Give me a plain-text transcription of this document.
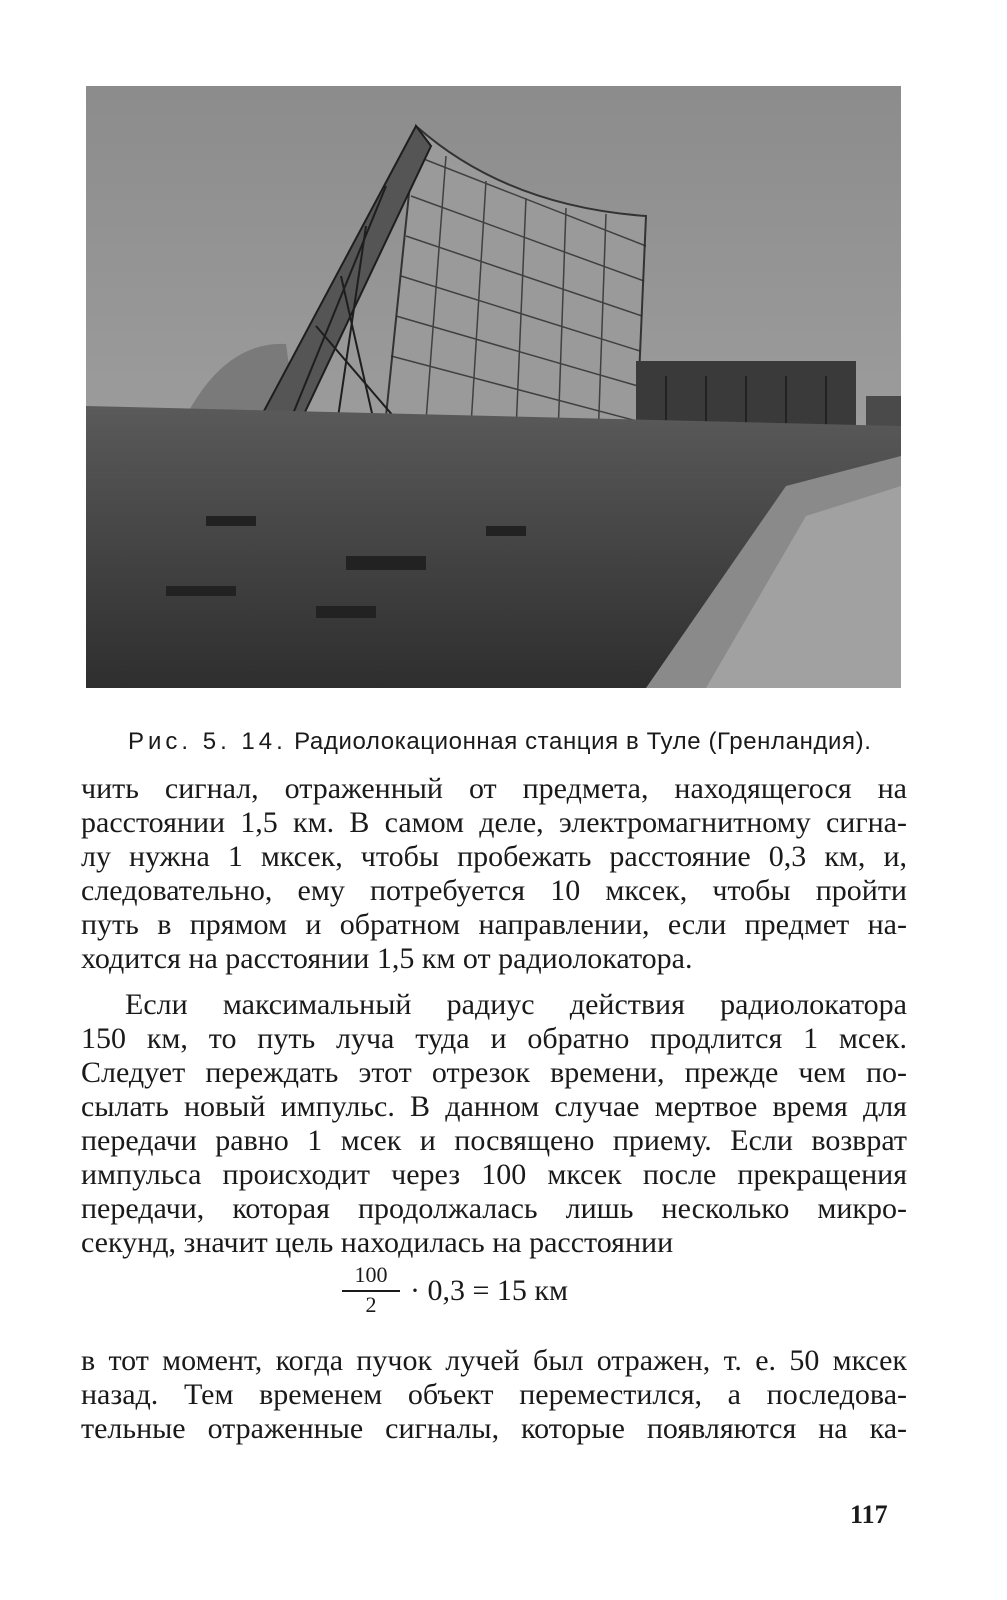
Рис. 5. 14. Радиолокационная станция в Туле (Гренландия).
чить сигнал, отраженный от предмета, находящегося на
расстоянии 1,5 км. В самом деле, электромагнитному сигна-
лу нужна 1 мксек, чтобы пробежать расстояние 0,3 км, и,
следовательно, ему потребуется 10 мксек, чтобы пройти
путь в прямом и обратном направлении, если предмет на-
ходится на расстоянии 1,5 км от радиолокатора.
Если максимальный радиус действия радиолокатора
150 км, то путь луча туда и обратно продлится 1 мсек.
Следует переждать этот отрезок времени, прежде чем по-
сылать новый импульс. В данном случае мертвое время для
передачи равно 1 мсек и посвящено приему. Если возврат
импульса происходит через 100 мксек после прекращения
передачи, которая продолжалась лишь несколько микро-
секунд, значит цель находилась на расстоянии
100
2	· 0,3 = 15 км
в тот момент, когда пучок лучей был отражен, т. е. 50 мксек
назад. Тем временем объект переместился, а последова-
тельные отраженные сигналы, которые появляются на ка-
117
